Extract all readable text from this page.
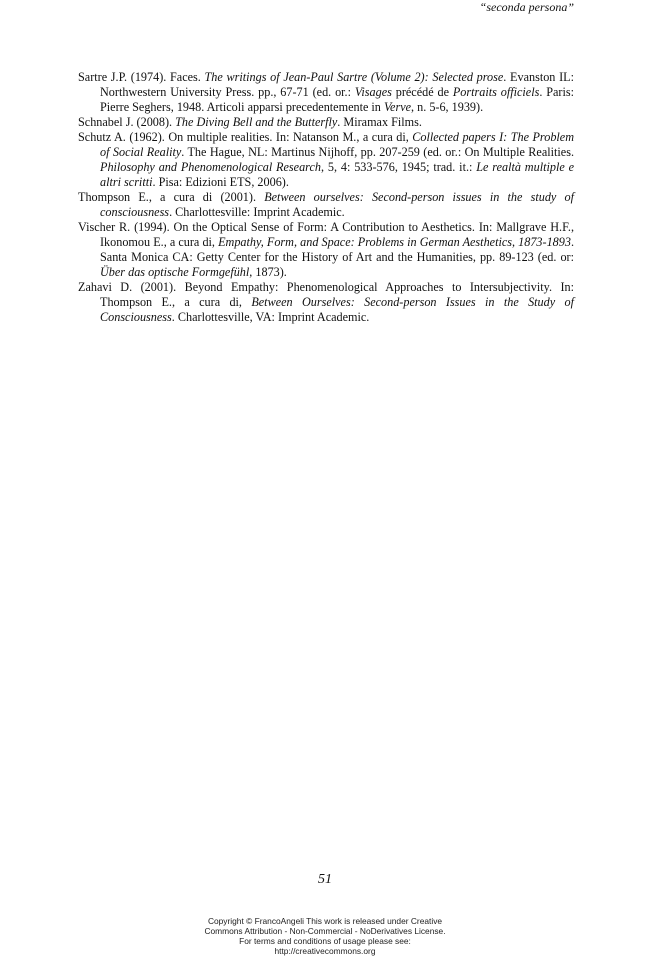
“seconda persona”

Sartre J.P. (1974). Faces. The writings of Jean-Paul Sartre (Volume 2): Selected prose. Evanston IL: Northwestern University Press. pp., 67-71 (ed. or.: Visages précédé de Portraits officiels. Paris: Pierre Seghers, 1948. Articoli apparsi precedentemente in Verve, n. 5-6, 1939).

Schnabel J. (2008). The Diving Bell and the Butterfly. Miramax Films.

Schutz A. (1962). On multiple realities. In: Natanson M., a cura di, Collected papers I: The Problem of Social Reality. The Hague, NL: Martinus Nijhoff, pp. 207-259 (ed. or.: On Multiple Realities. Philosophy and Phenomenological Research, 5, 4: 533-576, 1945; trad. it.: Le realtà multiple e altri scritti. Pisa: Edizioni ETS, 2006).

Thompson E., a cura di (2001). Between ourselves: Second-person issues in the study of consciousness. Charlottesville: Imprint Academic.

Vischer R. (1994). On the Optical Sense of Form: A Contribution to Aesthetics. In: Mallgrave H.F., Ikonomou E., a cura di, Empathy, Form, and Space: Problems in German Aesthetics, 1873-1893. Santa Monica CA: Getty Center for the History of Art and the Humanities, pp. 89-123 (ed. or: Über das optische Formgefühl, 1873).

Zahavi D. (2001). Beyond Empathy: Phenomenological Approaches to Intersubjectivity. In: Thompson E., a cura di, Between Ourselves: Second-person Issues in the Study of Consciousness. Charlottesville, VA: Imprint Academic.

51
Copyright © FrancoAngeli This work is released under Creative
Commons Attribution - Non-Commercial - NoDerivatives License.
For terms and conditions of usage please see:
http://creativecommons.org
